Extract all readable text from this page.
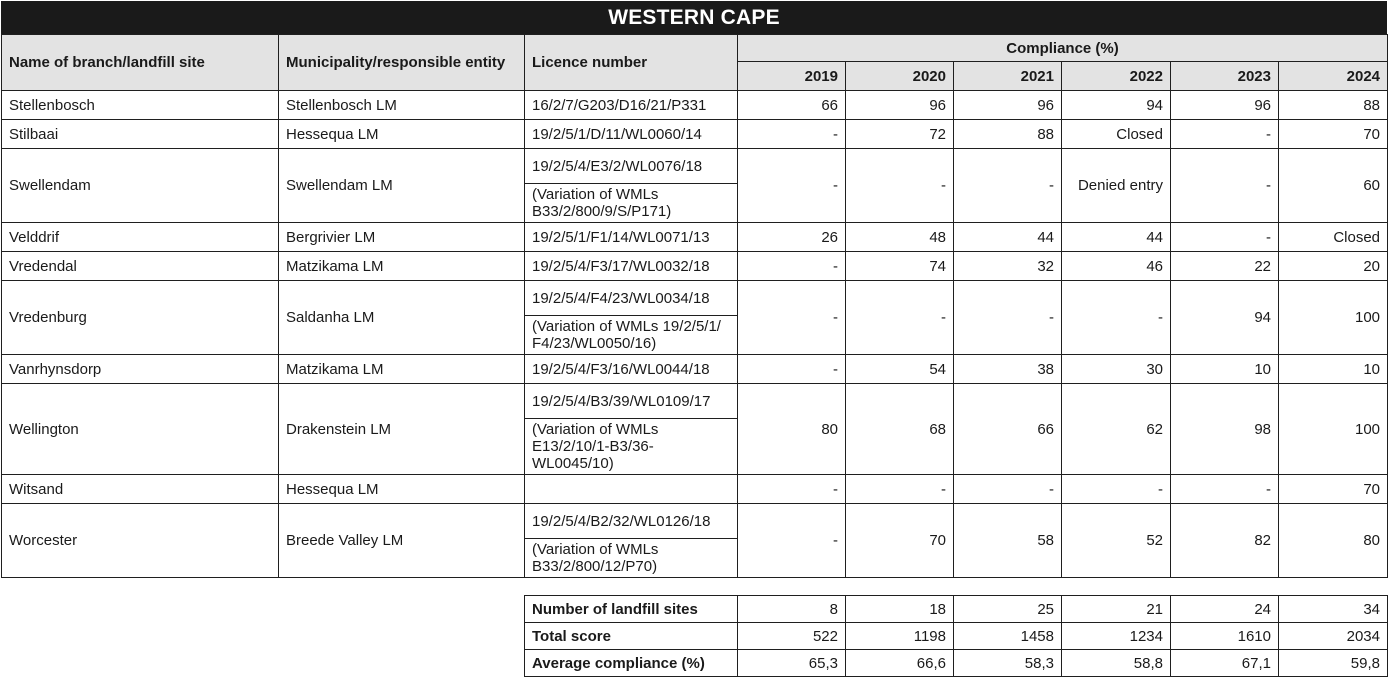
WESTERN CAPE
Name of branch/landfill site	Municipality/responsible entity	Licence number	Compliance (%)					
			2019	2020	2021	2022	2023	2024
Stellenbosch	Stellenbosch LM	16/2/7/G203/D16/21/P331	66	96	96	94	96	88
Stilbaai	Hessequa LM	19/2/5/1/D/11/WL0060/14	-	72	88	Closed	-	70
Swellendam	Swellendam LM	19/2/5/4/E3/2/WL0076/18	-	-	-	Denied entry	-	60
		(Variation of WMLs B33/2/800/9/S/P171)						
Velddrif	Bergrivier LM	19/2/5/1/F1/14/WL0071/13	26	48	44	44	-	Closed
Vredendal	Matzikama LM	19/2/5/4/F3/17/WL0032/18	-	74	32	46	22	20
Vredenburg	Saldanha LM	19/2/5/4/F4/23/WL0034/18	-	-	-	-	94	100
		(Variation of WMLs 19/2/5/1/ F4/23/WL0050/16)						
Vanrhynsdorp	Matzikama LM	19/2/5/4/F3/16/WL0044/18	-	54	38	30	10	10
Wellington	Drakenstein LM	19/2/5/4/B3/39/WL0109/17	80	68	66	62	98	100
		(Variation of WMLs E13/2/10/1-B3/36-WL0045/10)						
Witsand	Hessequa LM		-	-	-	-	-	70
Worcester	Breede Valley LM	19/2/5/4/B2/32/WL0126/18	-	70	58	52	82	80
		(Variation of WMLs B33/2/800/12/P70)						
Number of landfill sites	8	18	25	21	24	34
Total score	522	1198	1458	1234	1610	2034
Average compliance (%)	65,3	66,6	58,3	58,8	67,1	59,8
